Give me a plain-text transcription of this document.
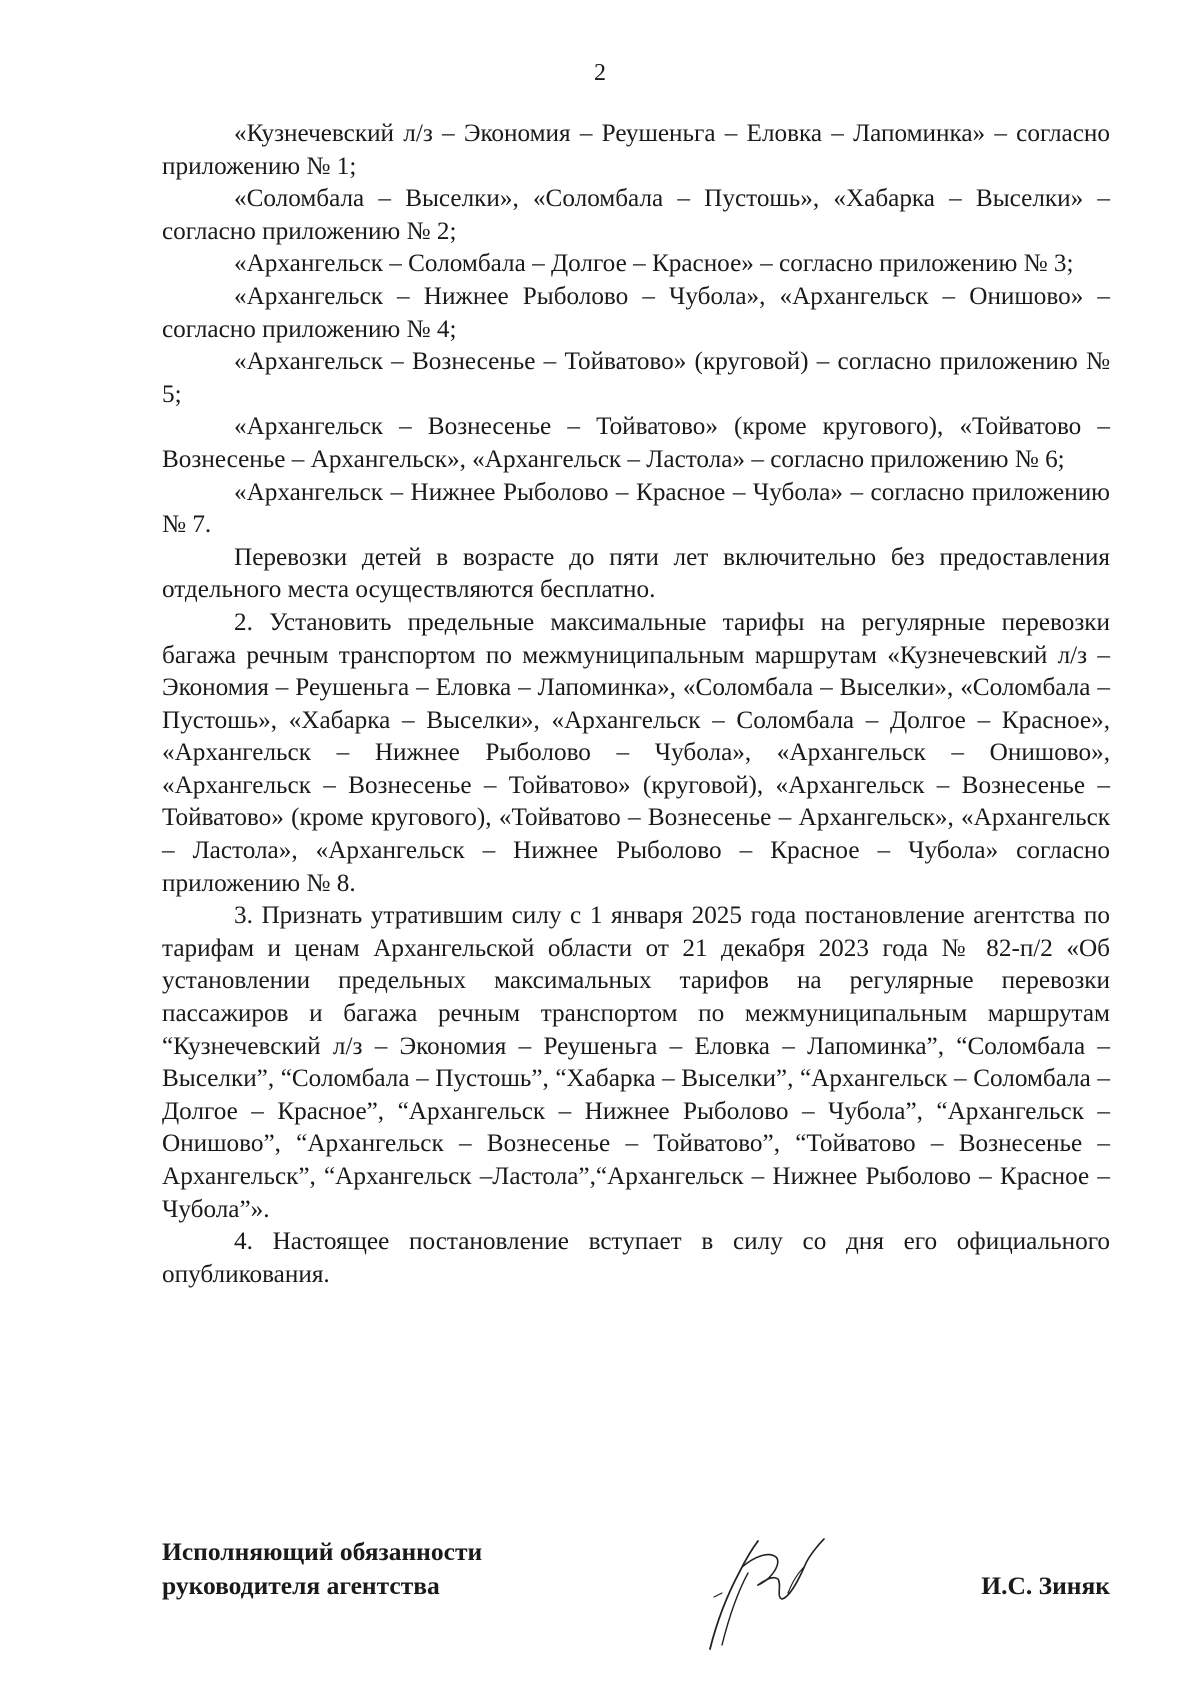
2

«Кузнечевский л/з – Экономия – Реушеньга – Еловка – Лапоминка» – согласно приложению № 1;

«Соломбала – Выселки», «Соломбала – Пустошь», «Хабарка – Выселки» – согласно приложению № 2;

«Архангельск – Соломбала – Долгое – Красное» – согласно приложению № 3;

«Архангельск – Нижнее Рыболово – Чубола», «Архангельск – Онишово» – согласно приложению № 4;

«Архангельск – Вознесенье – Тойватово» (круговой) – согласно приложению № 5;

«Архангельск – Вознесенье – Тойватово» (кроме кругового), «Тойватово – Вознесенье – Архангельск», «Архангельск – Ластола» – согласно приложению № 6;

«Архангельск – Нижнее Рыболово – Красное – Чубола» – согласно приложению № 7.

Перевозки детей в возрасте до пяти лет включительно без предоставления отдельного места осуществляются бесплатно.

2. Установить предельные максимальные тарифы на регулярные перевозки багажа речным транспортом по межмуниципальным маршрутам «Кузнечевский л/з – Экономия – Реушеньга – Еловка – Лапоминка», «Соломбала – Выселки», «Соломбала – Пустошь», «Хабарка – Выселки», «Архангельск – Соломбала – Долгое – Красное», «Архангельск – Нижнее Рыболово – Чубола», «Архангельск – Онишово», «Архангельск – Вознесенье – Тойватово» (круговой), «Архангельск – Вознесенье – Тойватово» (кроме кругового), «Тойватово – Вознесенье – Архангельск», «Архангельск – Ластола», «Архангельск – Нижнее Рыболово – Красное – Чубола» согласно приложению № 8.

3. Признать утратившим силу с 1 января 2025 года постановление агентства по тарифам и ценам Архангельской области от 21 декабря 2023 года № 82-п/2 «Об установлении предельных максимальных тарифов на регулярные перевозки пассажиров и багажа речным транспортом по межмуниципальным маршрутам “Кузнечевский л/з – Экономия – Реушеньга – Еловка – Лапоминка”, “Соломбала – Выселки”, “Соломбала – Пустошь”, “Хабарка – Выселки”, “Архангельск – Соломбала – Долгое – Красное”, “Архангельск – Нижнее Рыболово – Чубола”, “Архангельск – Онишово”, “Архангельск – Вознесенье – Тойватово”, “Тойватово – Вознесенье – Архангельск”, “Архангельск –Ластола”,“Архангельск – Нижнее Рыболово – Красное – Чубола”».

4. Настоящее постановление вступает в силу со дня его официального опубликования.

Исполняющий обязанности
руководителя агентства	И.С. Зиняк
